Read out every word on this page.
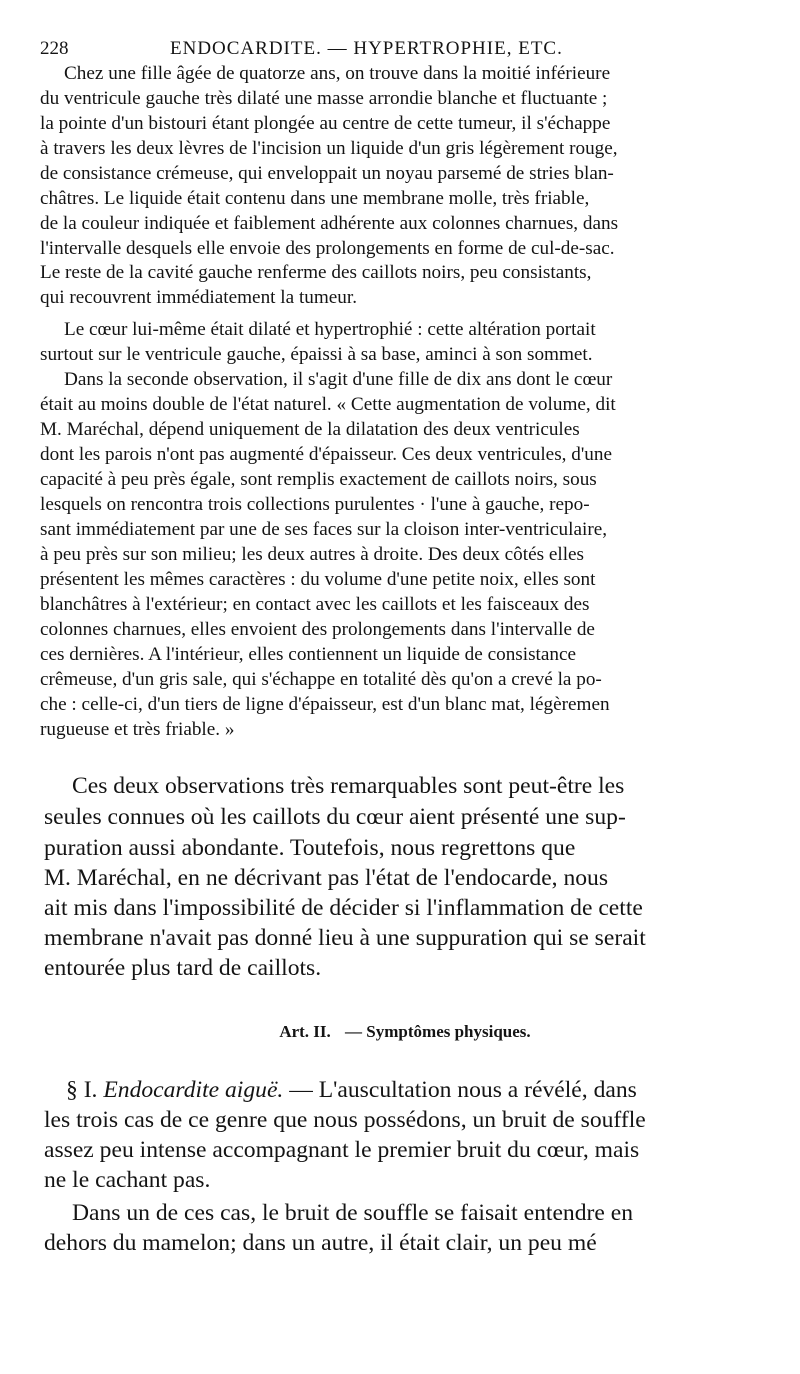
228	ENDOCARDITE. — HYPERTROPHIE, ETC.
Chez une fille âgée de quatorze ans, on trouve dans la moitié inférieure
du ventricule gauche très dilaté une masse arrondie blanche et fluctuante ;
la pointe d'un bistouri étant plongée au centre de cette tumeur, il s'échappe
à travers les deux lèvres de l'incision un liquide d'un gris légèrement rouge,
de consistance crémeuse, qui enveloppait un noyau parsemé de stries blan-
châtres. Le liquide était contenu dans une membrane molle, très friable,
de la couleur indiquée et faiblement adhérente aux colonnes charnues, dans
l'intervalle desquels elle envoie des prolongements en forme de cul-de-sac.
Le reste de la cavité gauche renferme des caillots noirs, peu consistants,
qui recouvrent immédiatement la tumeur.
Le cœur lui-même était dilaté et hypertrophié : cette altération portait
surtout sur le ventricule gauche, épaissi à sa base, aminci à son sommet.
Dans la seconde observation, il s'agit d'une fille de dix ans dont le cœur
était au moins double de l'état naturel. « Cette augmentation de volume, dit
M. Maréchal, dépend uniquement de la dilatation des deux ventricules
dont les parois n'ont pas augmenté d'épaisseur. Ces deux ventricules, d'une
capacité à peu près égale, sont remplis exactement de caillots noirs, sous
lesquels on rencontra trois collections purulentes · l'une à gauche, repo-
sant immédiatement par une de ses faces sur la cloison inter-ventriculaire,
à peu près sur son milieu; les deux autres à droite. Des deux côtés elles
présentent les mêmes caractères : du volume d'une petite noix, elles sont
blanchâtres à l'extérieur; en contact avec les caillots et les faisceaux des
colonnes charnues, elles envoient des prolongements dans l'intervalle de
ces dernières. A l'intérieur, elles contiennent un liquide de consistance
crêmeuse, d'un gris sale, qui s'échappe en totalité dès qu'on a crevé la po-
che : celle-ci, d'un tiers de ligne d'épaisseur, est d'un blanc mat, légèremen
rugueuse et très friable. »
Ces deux observations très remarquables sont peut-être les
seules connues où les caillots du cœur aient présenté une sup-
puration aussi abondante. Toutefois, nous regrettons que
M. Maréchal, en ne décrivant pas l'état de l'endocarde, nous
ait mis dans l'impossibilité de décider si l'inflammation de cette
membrane n'avait pas donné lieu à une suppuration qui se serait
entourée plus tard de caillots.
Art. II. — Symptômes physiques.
§ I. Endocardite aiguë. — L'auscultation nous a révélé, dans
les trois cas de ce genre que nous possédons, un bruit de souffle
assez peu intense accompagnant le premier bruit du cœur, mais
ne le cachant pas.
Dans un de ces cas, le bruit de souffle se faisait entendre en
dehors du mamelon; dans un autre, il était clair, un peu mé
